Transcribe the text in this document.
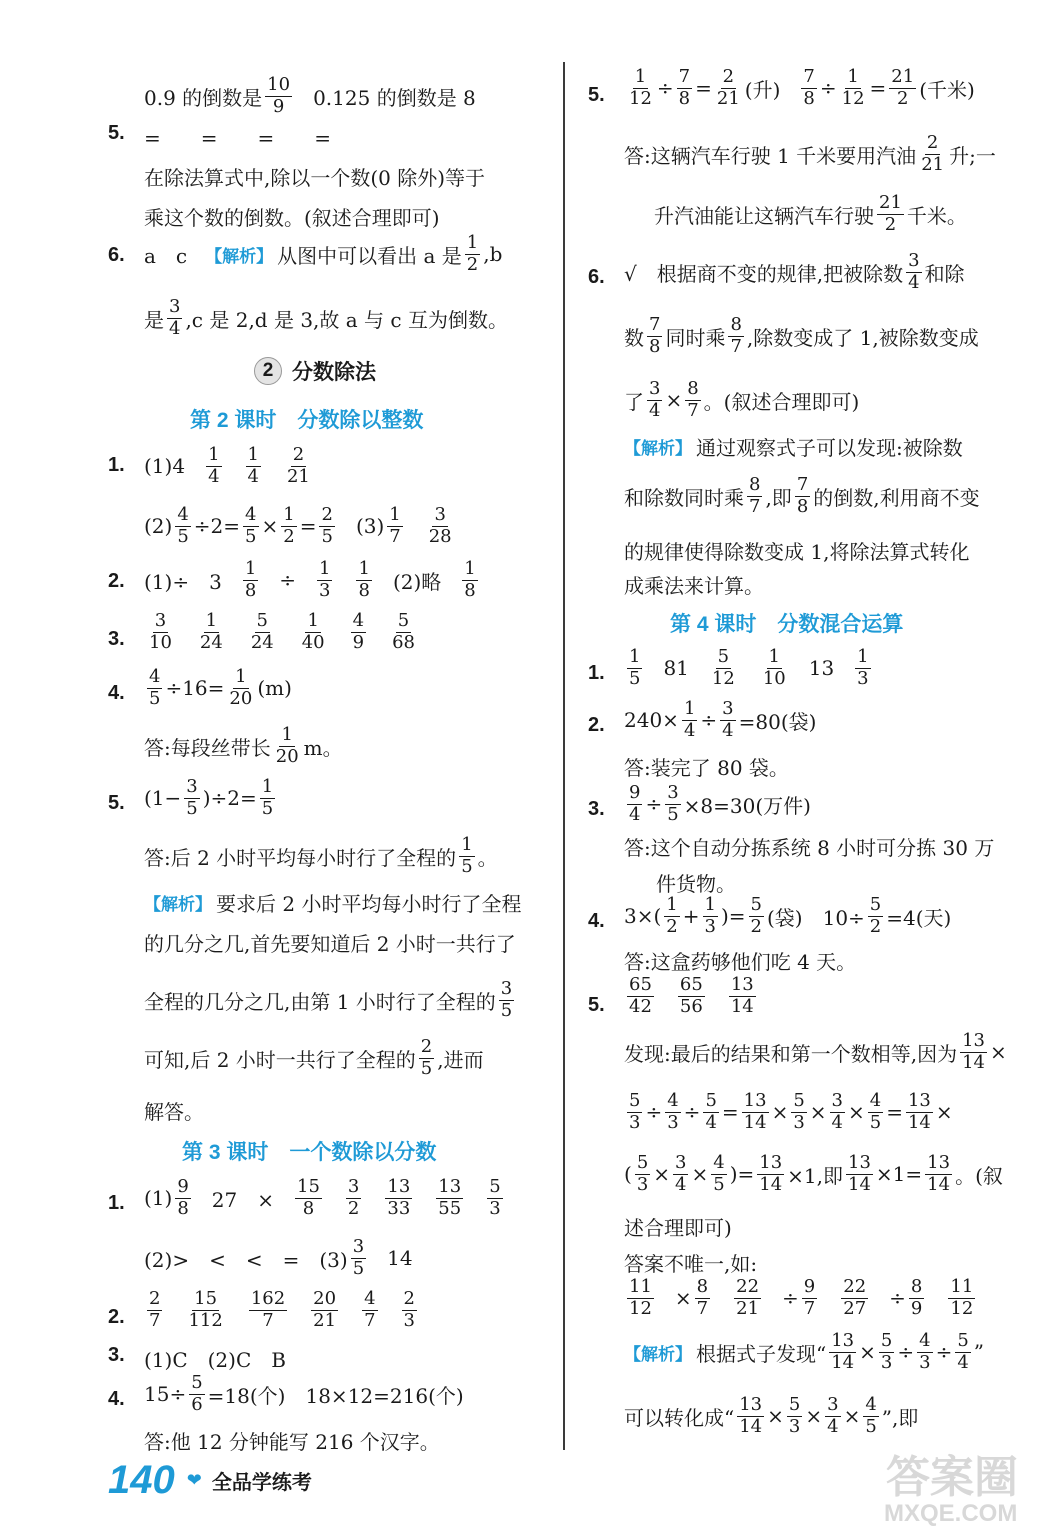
0.9 的倒数是 $\frac{10}{9} 0.125$ 的倒数是 8
5. =　　=　　=　　=
在除法算式中,除以一个数(0 除外)等于
乘这个数的倒数。(叙述合理即可)
6. a　c 【解析】 从图中可以看出 a 是 $\frac{1}{2} ,b$
是 $\frac{3}{4} ,c$ 是 2,d 是 3,故 a 与 c 互为倒数。
2 分数除法
第 2 课时　分数除以整数
1. $(1)4 \frac{1}{4} \frac{1}{4} \frac{2}{21}$
$(2) \frac{4}{5} \div 2= \frac{4}{5} \times \frac{1}{2} = \frac{2}{5} (3) \frac{1}{7} \frac{3}{28}$
2. (1)÷　$3 \frac{1}{8} \div \frac{1}{3} \frac{1}{8} (2)$略 $\frac{1}{8}$
3. $\frac{3}{10} \frac{1}{24} \frac{5}{24} \frac{1}{40} \frac{4}{9} \frac{5}{68}$
4. $\frac{4}{5} \div 16= \frac{1}{20} (m)$
答:每段丝带长 $\frac{1}{20}$ m。
5. $(1- \frac{3}{5} )\div 2= \frac{1}{5}$
答:后 2 小时平均每小时行了全程的 $\frac{1}{5}$ 。
【解析】 要求后 2 小时平均每小时行了全程
的几分之几,首先要知道后 2 小时一共行了
全程的几分之几,由第 1 小时行了全程的 $\frac{3}{5}$
可知,后 2 小时一共行了全程的 $\frac{2}{5}$ ,进而
解答。
第 3 课时　一个数除以分数
1. $(1) \frac{9}{8} 27$　× $\frac{15}{8} \frac{3}{2} \frac{13}{33} \frac{13}{55} \frac{5}{3}$
(2)>　<　<　=　$(3) \frac{3}{5} 14$
2. $\frac{2}{7} \frac{15}{112} \frac{162}{7} \frac{20}{21} \frac{4}{7} \frac{2}{3}$
3. (1)C　(2)C　B
4. $15\div \frac{5}{6} =18$(个)　18×12=216(个)
答:他 12 分钟能写 216 个汉字。
5. $\frac{1}{12} \div \frac{7}{8} = \frac{2}{21}$ (升) $\frac{7}{8} \div \frac{1}{12} = \frac{21}{2}$ (千米)
答:这辆汽车行驶 1 千米要用汽油 $\frac{2}{21}$ 升;一
升汽油能让这辆汽车行驶 $\frac{21}{2}$ 千米。
6. √　根据商不变的规律,把被除数 $\frac{3}{4}$ 和除
数 $\frac{7}{8}$ 同时乘 $\frac{8}{7}$ ,除数变成了 1,被除数变成
了 $\frac{3}{4} \times \frac{8}{7}$ 。(叙述合理即可)
【解析】 通过观察式子可以发现:被除数
和除数同时乘 $\frac{8}{7}$ ,即 $\frac{7}{8}$ 的倒数,利用商不变
的规律使得除数变成 1,将除法算式转化
成乘法来计算。
第 4 课时　分数混合运算
1. $\frac{1}{5} 81 \frac{5}{12} \frac{1}{10} 13 \frac{1}{3}$
2. $240\times \frac{1}{4} \div \frac{3}{4} =80$(袋)
答:装完了 80 袋。
3. $\frac{9}{4} \div \frac{3}{5} \times 8=30$(万件)
答:这个自动分拣系统 8 小时可分拣 30 万
件货物。
4. $3\times( \frac{1}{2} + \frac{1}{3}$ )= $\frac{5}{2}$ (袋)　$10\div \frac{5}{2} =4$(天)
答:这盒药够他们吃 4 天。
5. $\frac{65}{42} \frac{65}{56} \frac{13}{14}$
发现:最后的结果和第一个数相等,因为 $\frac{13}{14}$ ×
$\frac{5}{3} \div \frac{4}{3} \div \frac{5}{4} = \frac{13}{14} \times \frac{5}{3} \times \frac{3}{4} \times \frac{4}{5} = \frac{13}{14}$ ×
( $\frac{5}{3} \times \frac{3}{4} \times \frac{4}{5}$ )= $\frac{13}{14} \times 1$,即 $\frac{13}{14} \times 1= \frac{13}{14}$ 。(叙
述合理即可)
答案不唯一,如:
$\frac{11}{12} \times \frac{8}{7} \frac{22}{21} \div \frac{9}{7} \frac{22}{27} \div \frac{8}{9} \frac{11}{12}$
【解析】 根据式子发现“ $\frac{13}{14} \times \frac{5}{3} \div \frac{4}{3} \div \frac{5}{4}$ ”
可以转化成“ $\frac{13}{14} \times \frac{5}{3} \times \frac{3}{4} \times \frac{4}{5}$ ”,即
140 ❤ 全品学练考	答案圈
MXQE.COM
